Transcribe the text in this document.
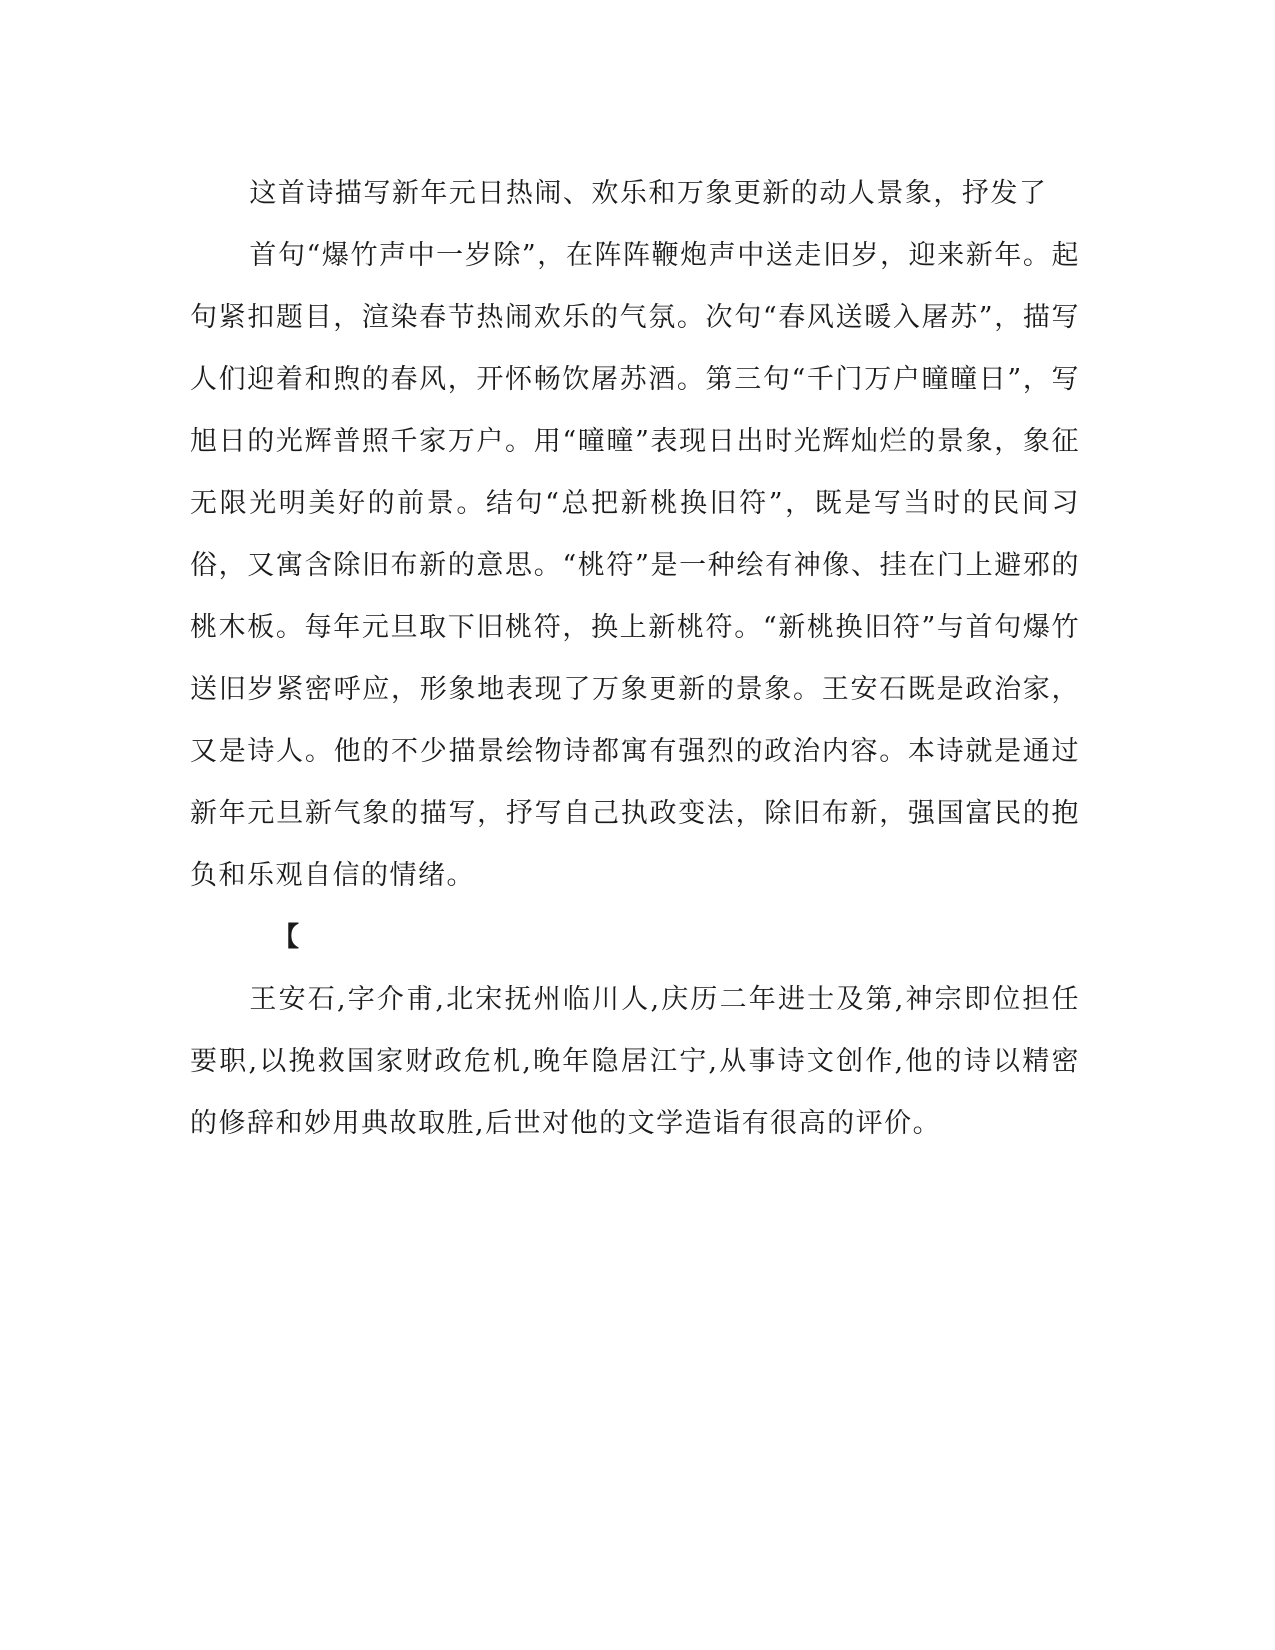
这首诗描写新年元日热闹、欢乐和万象更新的动人景象，抒发了

首句“爆竹声中一岁除”，在阵阵鞭炮声中送走旧岁，迎来新年。起句紧扣题目，渲染春节热闹欢乐的气氛。次句“春风送暖入屠苏”，描写人们迎着和煦的春风，开怀畅饮屠苏酒。第三句“千门万户曈曈日”，写旭日的光辉普照千家万户。用“曈曈”表现日出时光辉灿烂的景象，象征无限光明美好的前景。结句“总把新桃换旧符”，既是写当时的民间习俗，又寓含除旧布新的意思。“桃符”是一种绘有神像、挂在门上避邪的桃木板。每年元旦取下旧桃符，换上新桃符。“新桃换旧符”与首句爆竹送旧岁紧密呼应，形象地表现了万象更新的景象。王安石既是政治家，又是诗人。他的不少描景绘物诗都寓有强烈的政治内容。本诗就是通过新年元旦新气象的描写，抒写自己执政变法，除旧布新，强国富民的抱负和乐观自信的情绪。

【

王安石,字介甫,北宋抚州临川人,庆历二年进士及第,神宗即位担任要职,以挽救国家财政危机,晚年隐居江宁,从事诗文创作,他的诗以精密的修辞和妙用典故取胜,后世对他的文学造诣有很高的评价。
